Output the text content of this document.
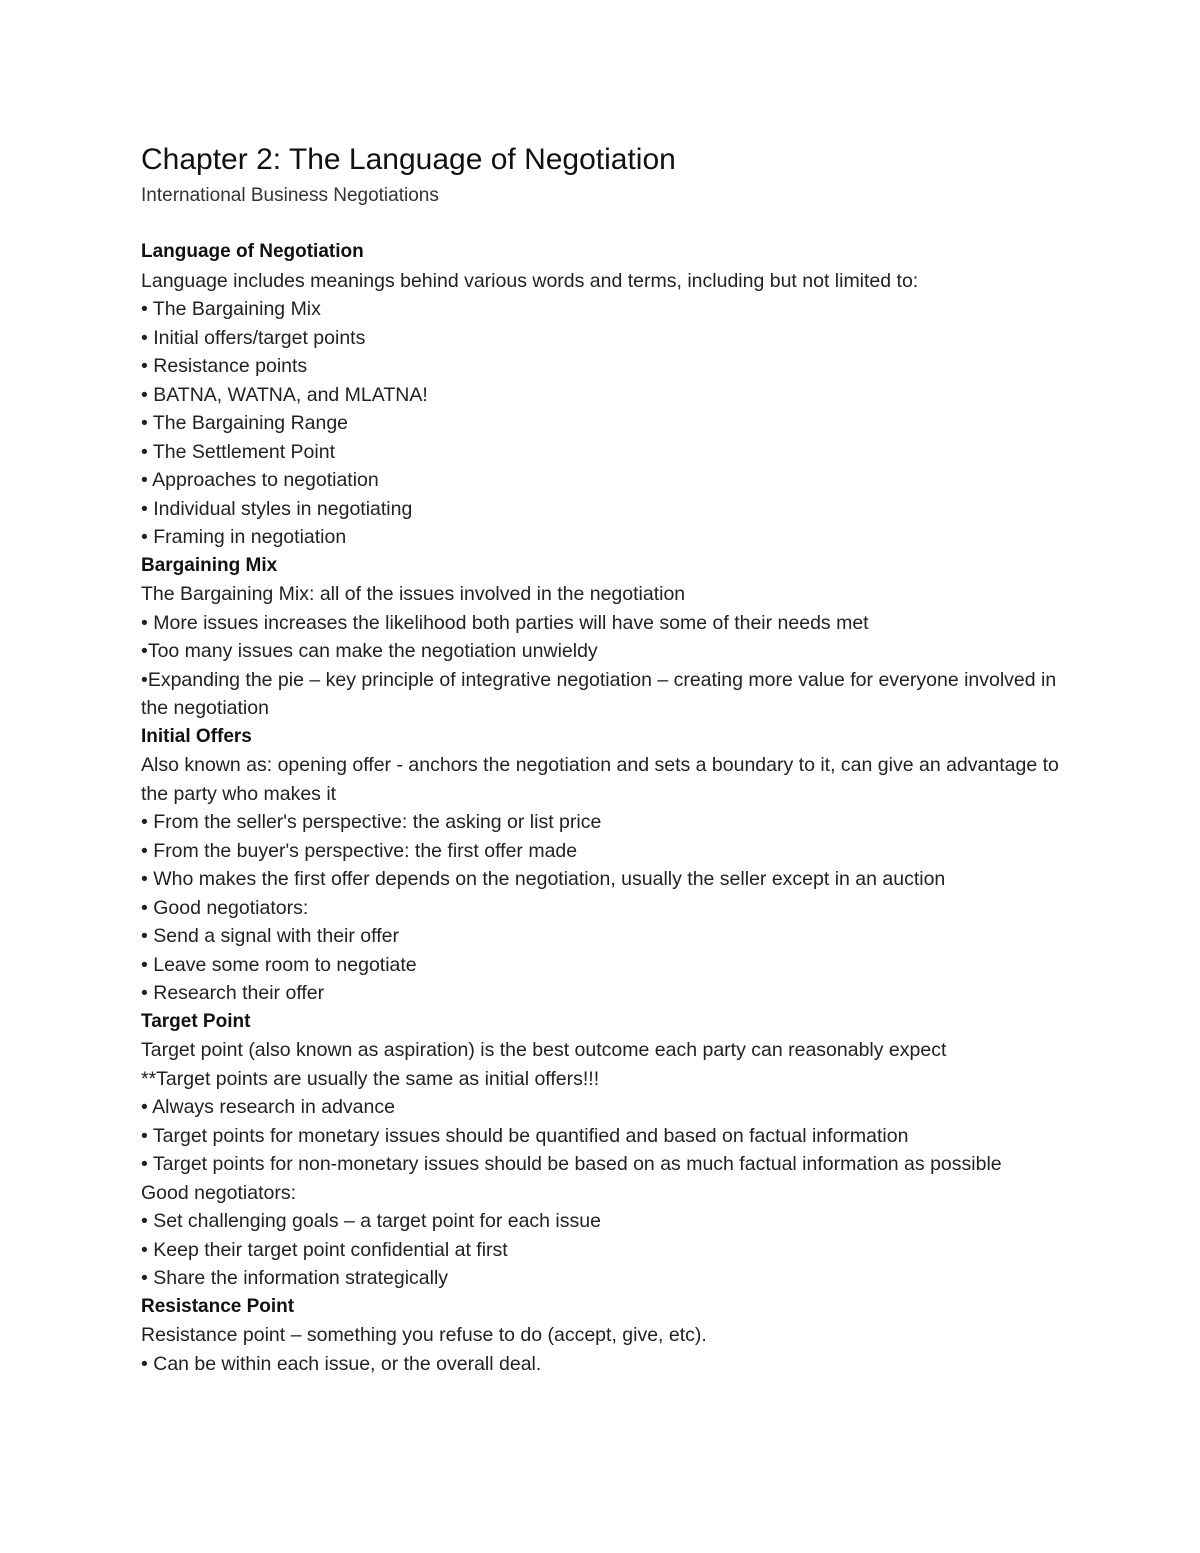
Chapter 2: The Language of Negotiation

International Business Negotiations

Language of Negotiation

Language includes meanings behind various words and terms, including but not limited to:

• The Bargaining Mix

• Initial offers/target points

• Resistance points

• BATNA, WATNA, and MLATNA!

• The Bargaining Range

• The Settlement Point

• Approaches to negotiation

• Individual styles in negotiating

• Framing in negotiation

Bargaining Mix

The Bargaining Mix: all of the issues involved in the negotiation

• More issues increases the likelihood both parties will have some of their needs met

•Too many issues can make the negotiation unwieldy

•Expanding the pie – key principle of integrative negotiation – creating more value for everyone involved in the negotiation

Initial Offers

Also known as: opening offer - anchors the negotiation and sets a boundary to it, can give an advantage to the party who makes it

• From the seller's perspective: the asking or list price

• From the buyer's perspective: the first offer made

• Who makes the first offer depends on the negotiation, usually the seller except in an auction

• Good negotiators:

• Send a signal with their offer

• Leave some room to negotiate

• Research their offer

Target Point

Target point (also known as aspiration) is the best outcome each party can reasonably expect

**Target points are usually the same as initial offers!!!

• Always research in advance

• Target points for monetary issues should be quantified and based on factual information

• Target points for non-monetary issues should be based on as much factual information as possible

Good negotiators:

• Set challenging goals – a target point for each issue

• Keep their target point confidential at first

• Share the information strategically

Resistance Point

Resistance point – something you refuse to do (accept, give, etc).

• Can be within each issue, or the overall deal.
